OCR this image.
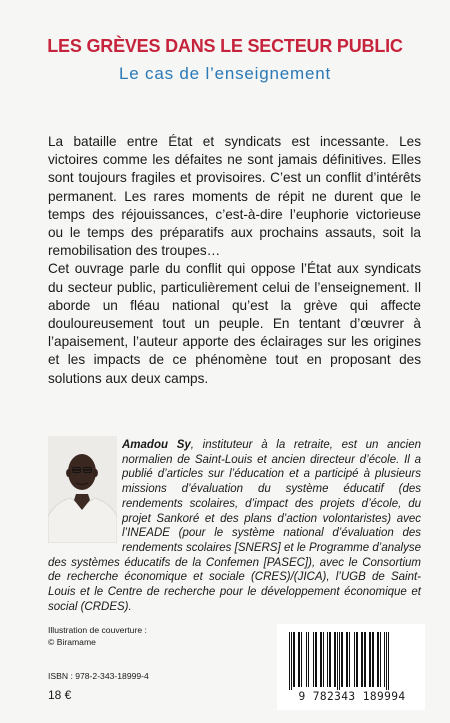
LES GRÈVES DANS LE SECTEUR PUBLIC
Le cas de l’enseignement

La bataille entre État et syndicats est incessante. Les victoires comme les défaites ne sont jamais définitives. Elles sont toujours fragiles et provisoires. C’est un conflit d’intérêts permanent. Les rares moments de répit ne durent que le temps des réjouissances, c’est-à-dire l’euphorie victorieuse ou le temps des préparatifs aux prochains assauts, soit la remobilisation des troupes…

Cet ouvrage parle du conflit qui oppose l’État aux syndicats du secteur public, particulièrement celui de l’enseignement. Il aborde un fléau national qu’est la grève qui affecte douloureusement tout un peuple. En tentant d’œuvrer à l’apaisement, l’auteur apporte des éclairages sur les origines et les impacts de ce phénomène tout en proposant des solutions aux deux camps.

Amadou Sy, instituteur à la retraite, est un ancien normalien de Saint-Louis et ancien directeur d’école. Il a publié d’articles sur l’éducation et a participé à plusieurs missions d’évaluation du système éducatif (des rendements scolaires, d’impact des projets d’école, du projet Sankoré et des plans d’action volontaristes) avec l’INEADE (pour le système national d’évaluation des rendements scolaires [SNERS] et le Programme d’analyse des systèmes éducatifs de la Confemen [PASEC]), avec le Consortium de recherche économique et sociale (CRES)/(JICA), l’UGB de Saint-Louis et le Centre de recherche pour le développement économique et social (CRDES).
Illustration de couverture :
© Biramame
ISBN : 978-2-343-18999-4
18 €	9 782343 189994
